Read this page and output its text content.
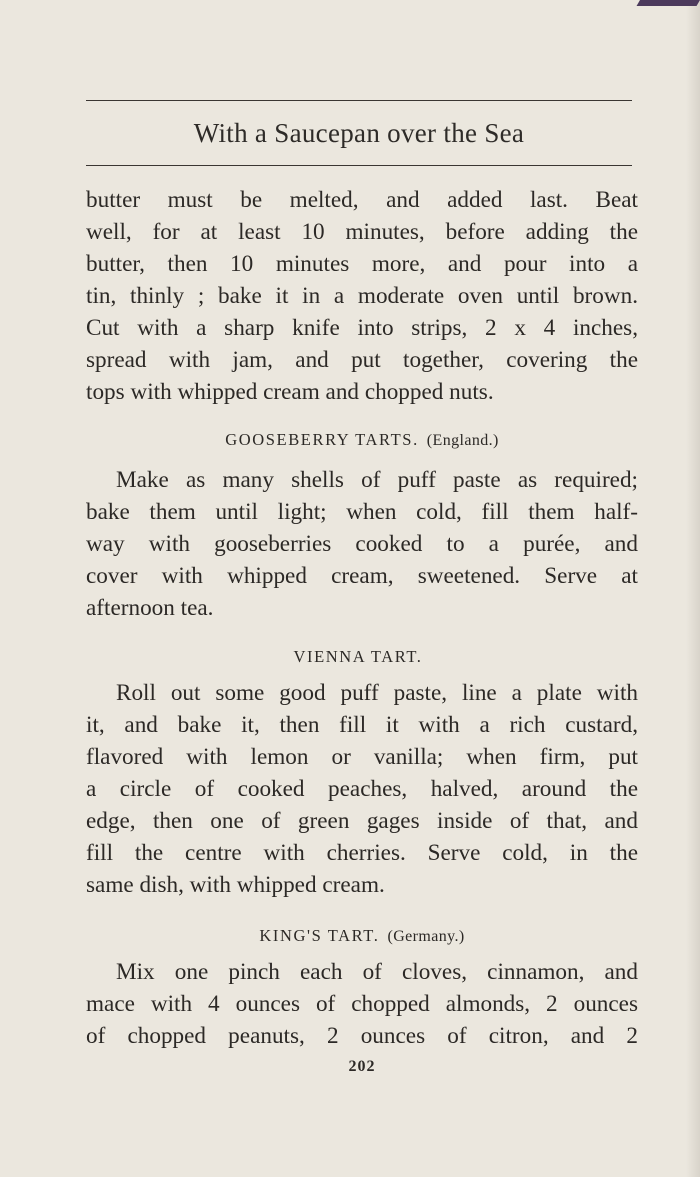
With a Saucepan over the Sea
butter must be melted, and added last. Beat
well, for at least 10 minutes, before adding the
butter, then 10 minutes more, and pour into a
tin, thinly ; bake it in a moderate oven until brown.
Cut with a sharp knife into strips, 2 x 4 inches,
spread with jam, and put together, covering the
tops with whipped cream and chopped nuts.
GOOSEBERRY TARTS. (England.)
Make as many shells of puff paste as required;
bake them until light; when cold, fill them half-
way with gooseberries cooked to a purée, and
cover with whipped cream, sweetened. Serve at
afternoon tea.
VIENNA TART.
Roll out some good puff paste, line a plate with
it, and bake it, then fill it with a rich custard,
flavored with lemon or vanilla; when firm, put
a circle of cooked peaches, halved, around the
edge, then one of green gages inside of that, and
fill the centre with cherries. Serve cold, in the
same dish, with whipped cream.
KING'S TART. (Germany.)
Mix one pinch each of cloves, cinnamon, and
mace with 4 ounces of chopped almonds, 2 ounces
of chopped peanuts, 2 ounces of citron, and 2
202
